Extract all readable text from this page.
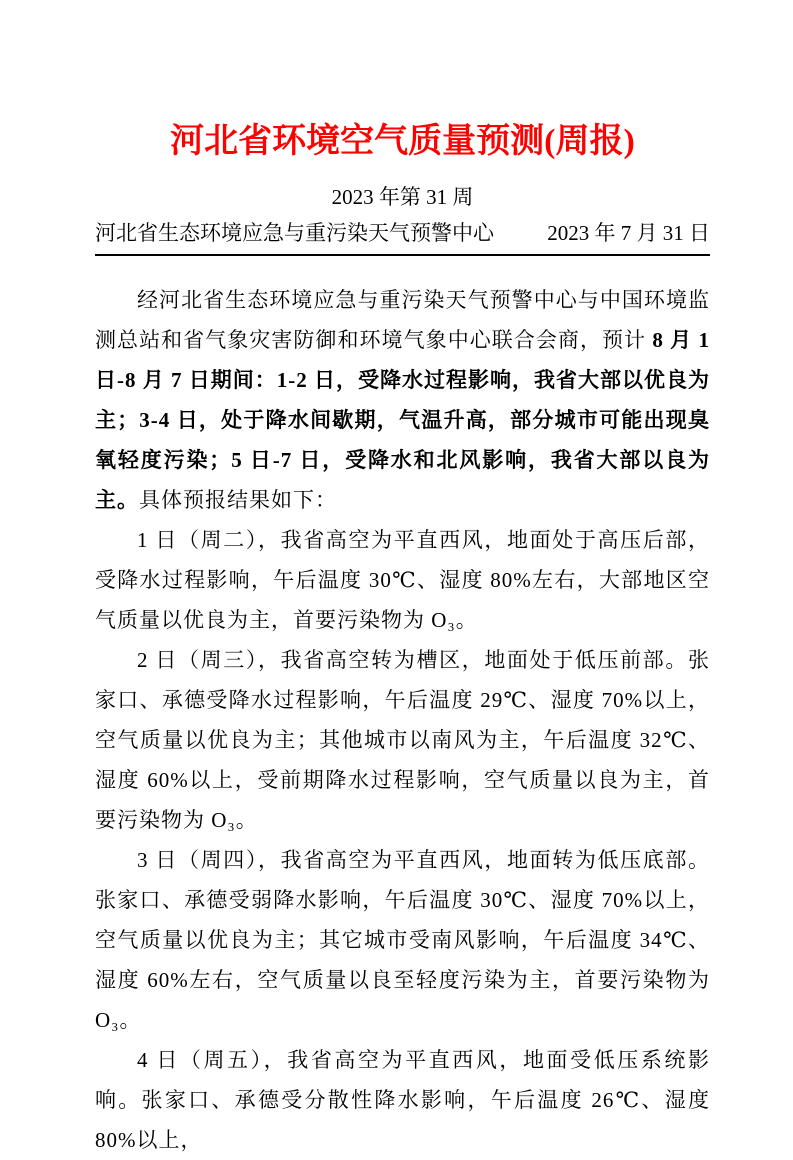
河北省环境空气质量预测(周报)
2023 年第 31 周
河北省生态环境应急与重污染天气预警中心	2023 年 7 月 31 日

经河北省生态环境应急与重污染天气预警中心与中国环境监测总站和省气象灾害防御和环境气象中心联合会商，预计 8 月 1 日-8 月 7 日期间：1-2 日，受降水过程影响，我省大部以优良为主；3-4 日，处于降水间歇期，气温升高，部分城市可能出现臭氧轻度污染；5 日-7 日，受降水和北风影响，我省大部以良为主。具体预报结果如下：

1 日（周二），我省高空为平直西风，地面处于高压后部，受降水过程影响，午后温度 30℃、湿度 80%左右，大部地区空气质量以优良为主，首要污染物为 O₃。

2 日（周三），我省高空转为槽区，地面处于低压前部。张家口、承德受降水过程影响，午后温度 29℃、湿度 70%以上，空气质量以优良为主；其他城市以南风为主，午后温度 32℃、湿度 60%以上，受前期降水过程影响，空气质量以良为主，首要污染物为 O₃。

3 日（周四），我省高空为平直西风，地面转为低压底部。张家口、承德受弱降水影响，午后温度 30℃、湿度 70%以上，空气质量以优良为主；其它城市受南风影响，午后温度 34℃、湿度 60%左右，空气质量以良至轻度污染为主，首要污染物为 O₃。

4 日（周五），我省高空为平直西风，地面受低压系统影响。张家口、承德受分散性降水影响，午后温度 26℃、湿度 80%以上，
